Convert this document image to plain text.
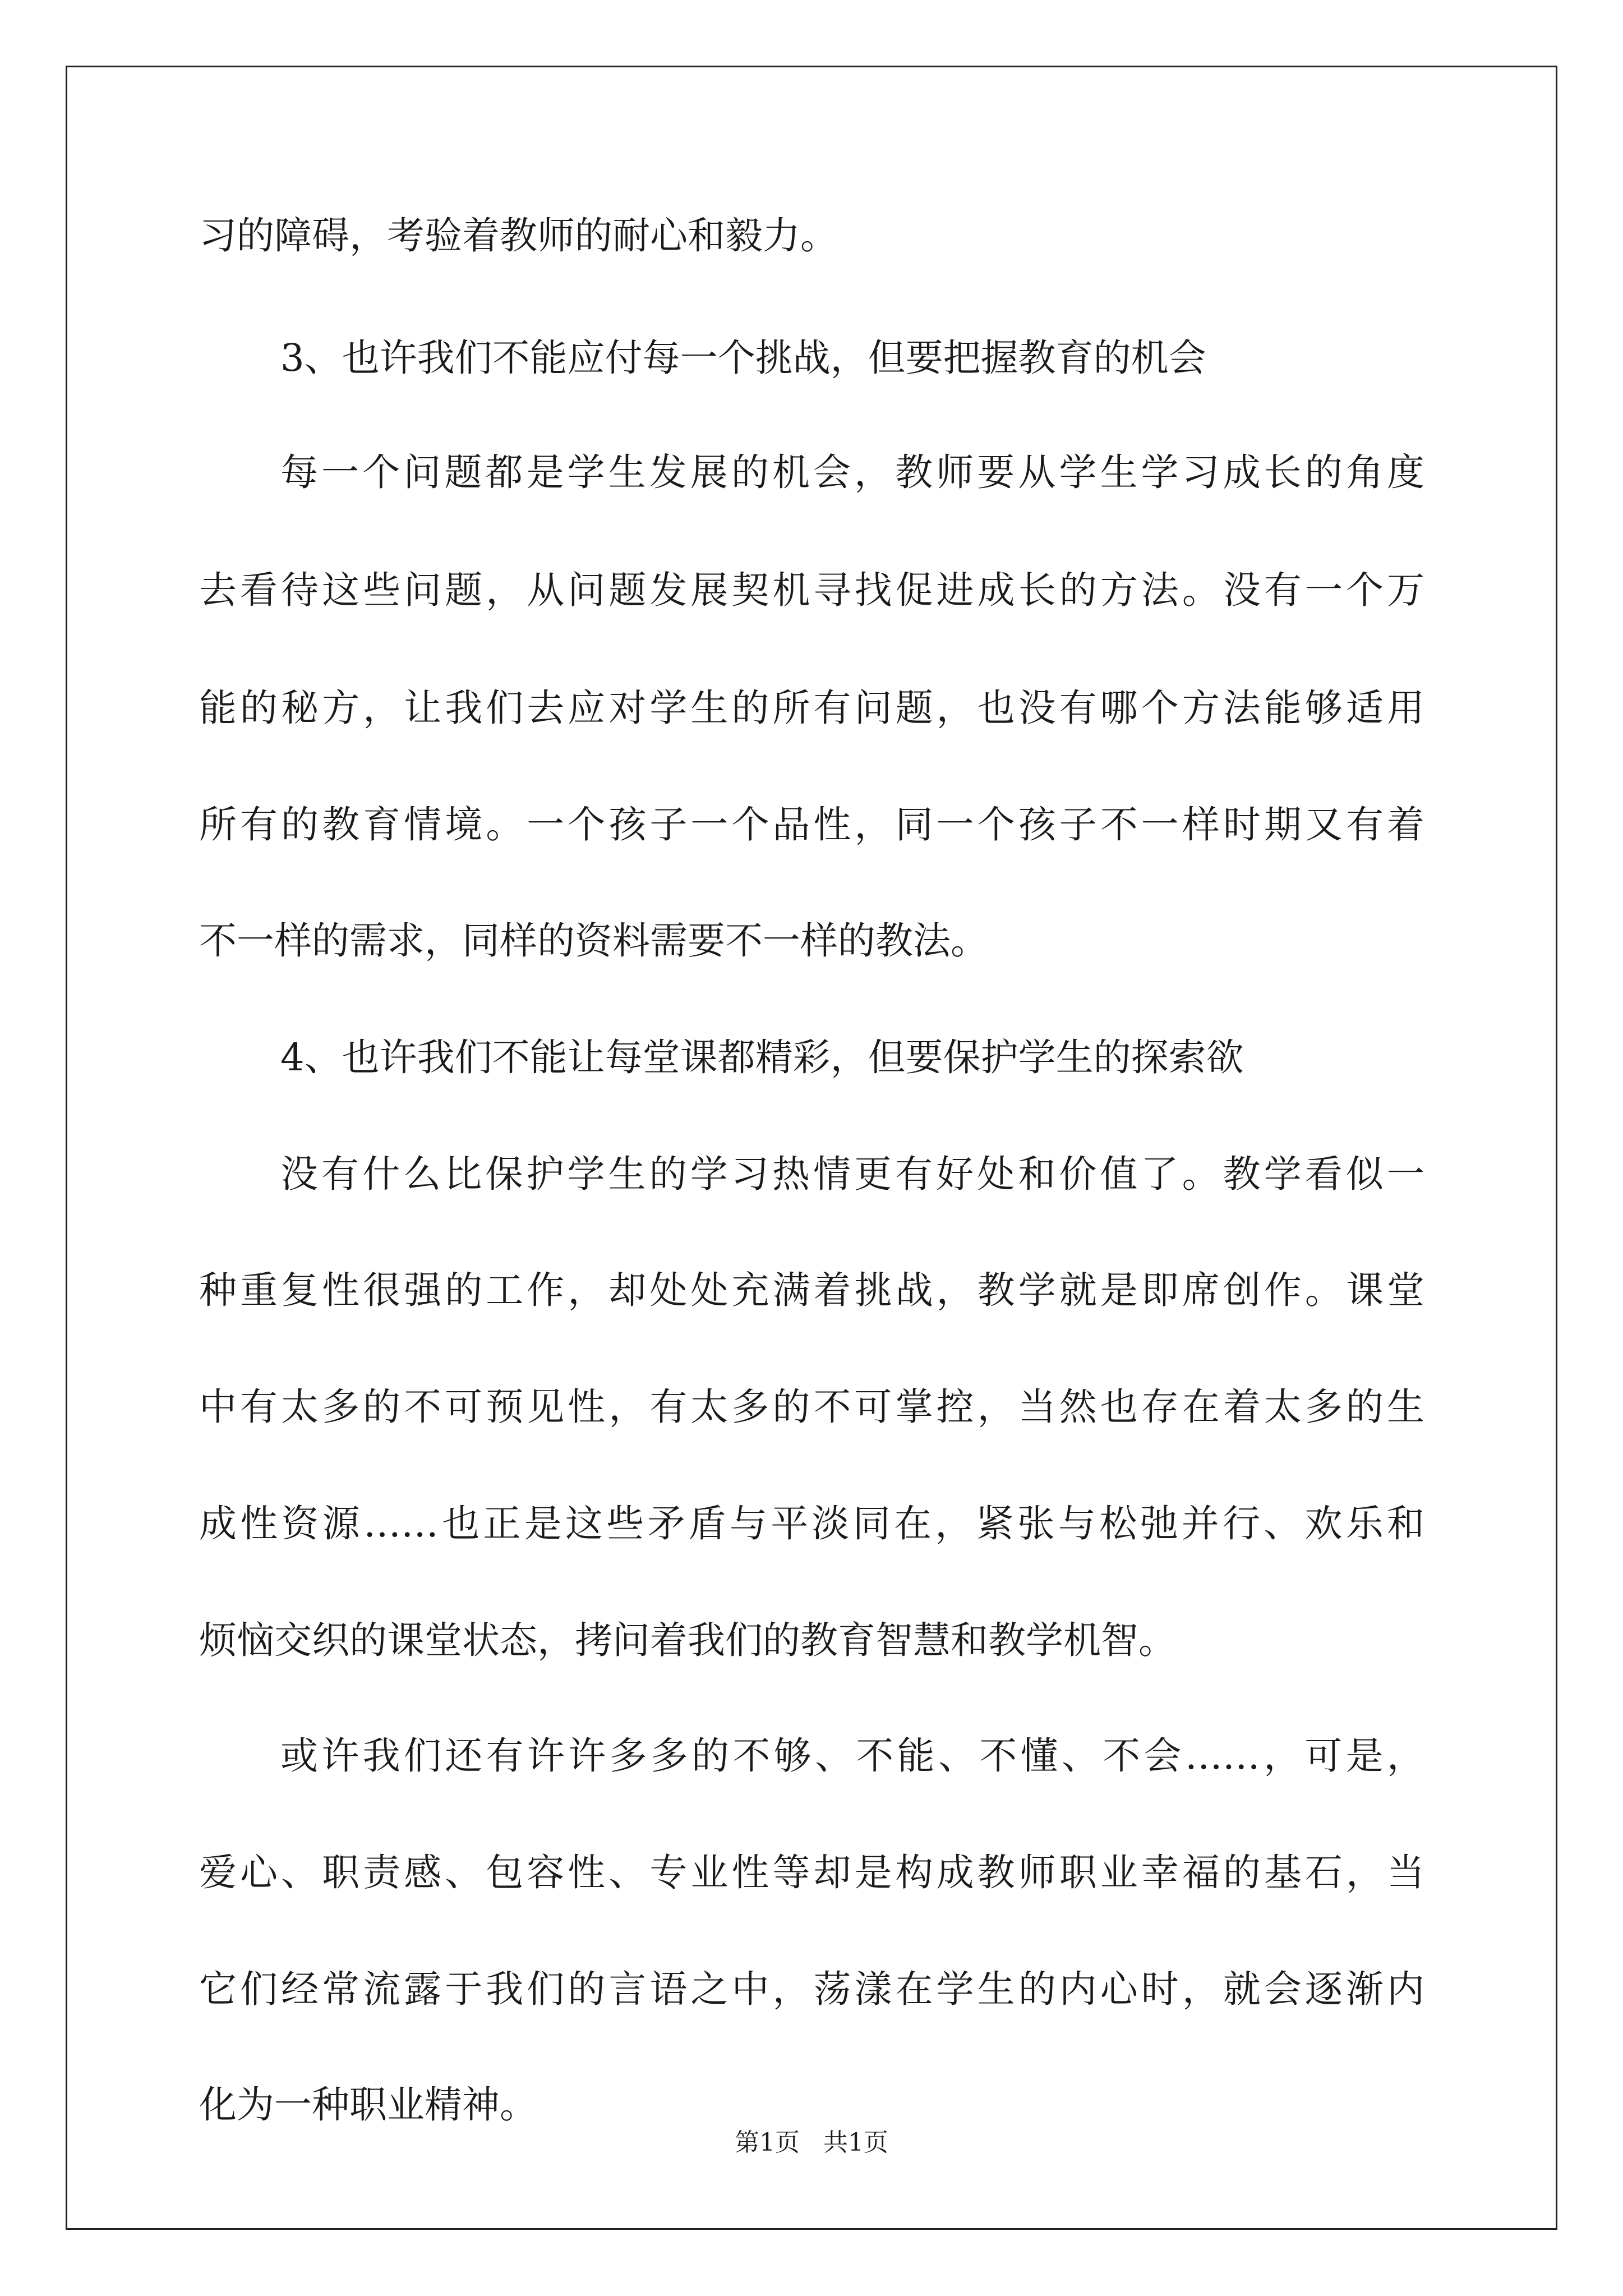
习的障碍，考验着教师的耐心和毅力。
3、也许我们不能应付每一个挑战，但要把握教育的机会
每一个问题都是学生发展的机会，教师要从学生学习成长的角度
去看待这些问题，从问题发展契机寻找促进成长的方法。没有一个万
能的秘方，让我们去应对学生的所有问题，也没有哪个方法能够适用
所有的教育情境。一个孩子一个品性，同一个孩子不一样时期又有着
不一样的需求，同样的资料需要不一样的教法。
4、也许我们不能让每堂课都精彩，但要保护学生的探索欲
没有什么比保护学生的学习热情更有好处和价值了。教学看似一
种重复性很强的工作，却处处充满着挑战，教学就是即席创作。课堂
中有太多的不可预见性，有太多的不可掌控，当然也存在着太多的生
成性资源……也正是这些矛盾与平淡同在，紧张与松弛并行、欢乐和
烦恼交织的课堂状态，拷问着我们的教育智慧和教学机智。
或许我们还有许许多多的不够、不能、不懂、不会……，可是，
爱心、职责感、包容性、专业性等却是构成教师职业幸福的基石，当
它们经常流露于我们的言语之中，荡漾在学生的内心时，就会逐渐内
化为一种职业精神。
第1页 共1页
